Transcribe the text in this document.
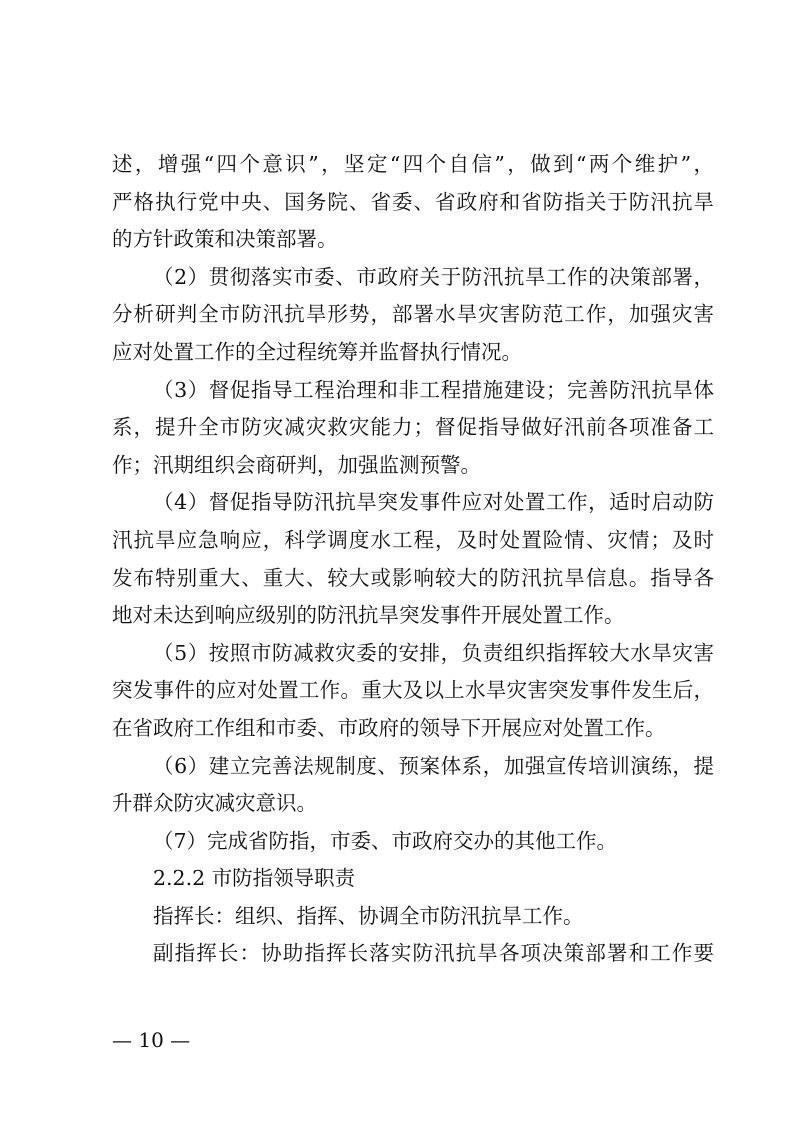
述，增强“四个意识”，坚定“四个自信”，做到“两个维护”，
严格执行党中央、国务院、省委、省政府和省防指关于防汛抗旱
的方针政策和决策部署。
（2）贯彻落实市委、市政府关于防汛抗旱工作的决策部署，
分析研判全市防汛抗旱形势，部署水旱灾害防范工作，加强灾害
应对处置工作的全过程统筹并监督执行情况。
（3）督促指导工程治理和非工程措施建设；完善防汛抗旱体
系，提升全市防灾减灾救灾能力；督促指导做好汛前各项准备工
作；汛期组织会商研判，加强监测预警。
（4）督促指导防汛抗旱突发事件应对处置工作，适时启动防
汛抗旱应急响应，科学调度水工程，及时处置险情、灾情；及时
发布特别重大、重大、较大或影响较大的防汛抗旱信息。指导各
地对未达到响应级别的防汛抗旱突发事件开展处置工作。
（5）按照市防减救灾委的安排，负责组织指挥较大水旱灾害
突发事件的应对处置工作。重大及以上水旱灾害突发事件发生后，
在省政府工作组和市委、市政府的领导下开展应对处置工作。
（6）建立完善法规制度、预案体系，加强宣传培训演练，提
升群众防灾减灾意识。
（7）完成省防指，市委、市政府交办的其他工作。
2.2.2 市防指领导职责
指挥长：组织、指挥、协调全市防汛抗旱工作。
副指挥长：协助指挥长落实防汛抗旱各项决策部署和工作要
— 10 —
